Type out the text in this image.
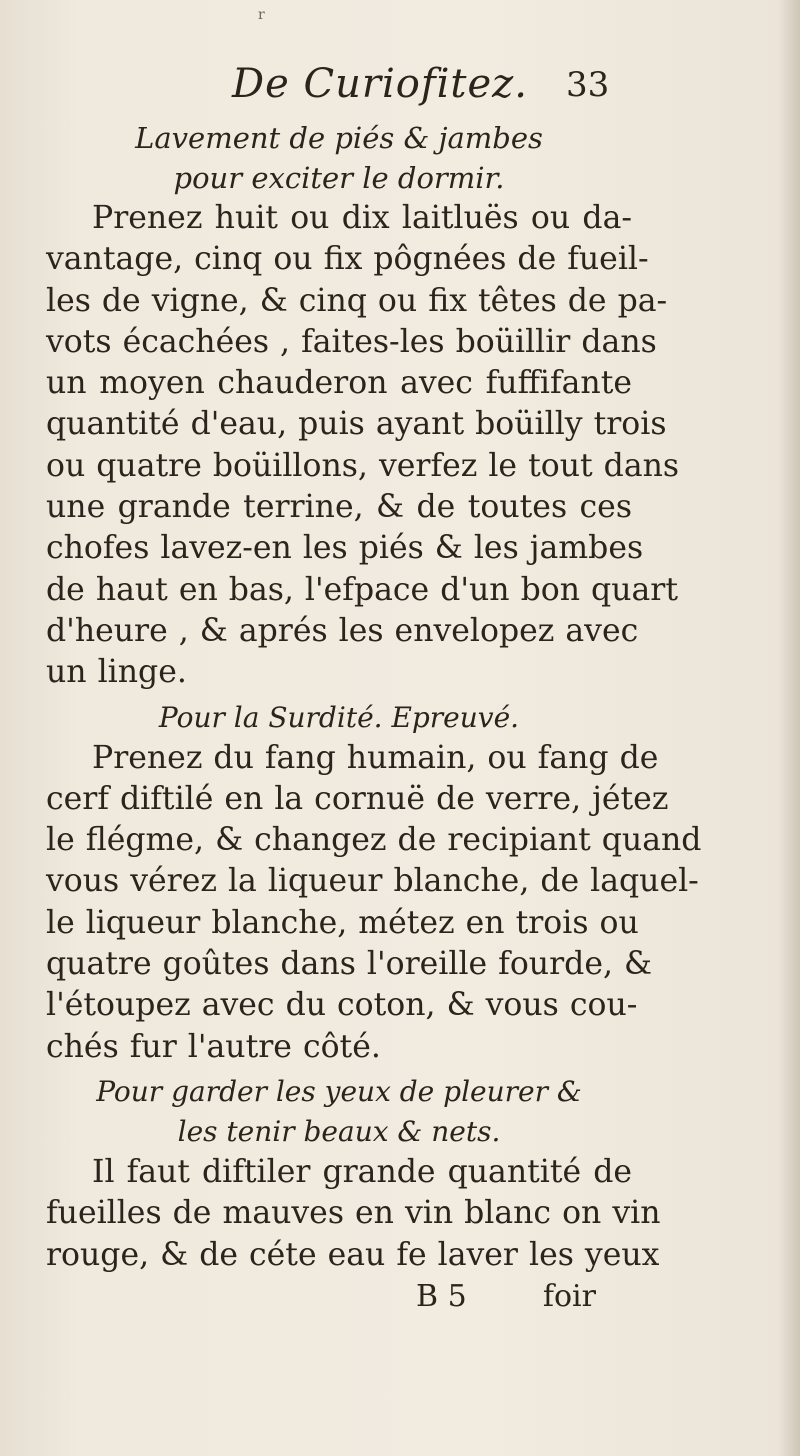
r
De Curiofitez. 33
Lavement de piés & jambes
pour exciter le dormir.
Prenez huit ou dix laitluës ou da-
vantage, cinq ou fix pôgnées de fueil-
les de vigne, & cinq ou fix têtes de pa-
vots écachées , faites-les boüillir dans
un moyen chauderon avec fuffifante
quantité d'eau, puis ayant boüilly trois
ou quatre boüillons, verfez le tout dans
une grande terrine, & de toutes ces
chofes lavez-en les piés & les jambes
de haut en bas, l'efpace d'un bon quart
d'heure , & aprés les envelopez avec
un linge.
Pour la Surdité. Epreuvé.
Prenez du fang humain, ou fang de
cerf diftilé en la cornuë de verre, jétez
le flégme, & changez de recipiant quand
vous vérez la liqueur blanche, de laquel-
le liqueur blanche, métez en trois ou
quatre goûtes dans l'oreille fourde, &
l'étoupez avec du coton, & vous cou-
chés fur l'autre côté.
Pour garder les yeux de pleurer &
les tenir beaux & nets.
Il faut diftiler grande quantité de
fueilles de mauves en vin blanc on vin
rouge, & de céte eau fe laver les yeux
B 5	foir
